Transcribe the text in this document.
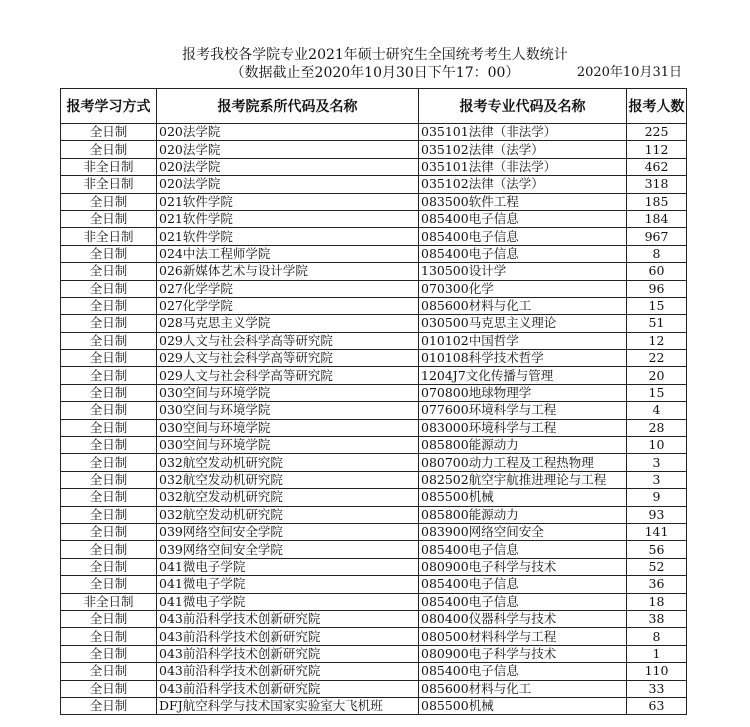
报考我校各学院专业2021年硕士研究生全国统考考生人数统计
（数据截止至2020年10月30日下午17：00）	2020年10月31日
报考学习方式	报考院系所代码及名称	报考专业代码及名称	报考人数
全日制	020法学院	035101法律（非法学）	225
全日制	020法学院	035102法律（法学）	112
非全日制	020法学院	035101法律（非法学）	462
非全日制	020法学院	035102法律（法学）	318
全日制	021软件学院	083500软件工程	185
全日制	021软件学院	085400电子信息	184
非全日制	021软件学院	085400电子信息	967
全日制	024中法工程师学院	085400电子信息	8
全日制	026新媒体艺术与设计学院	130500设计学	60
全日制	027化学学院	070300化学	96
全日制	027化学学院	085600材料与化工	15
全日制	028马克思主义学院	030500马克思主义理论	51
全日制	029人文与社会科学高等研究院	010102中国哲学	12
全日制	029人文与社会科学高等研究院	010108科学技术哲学	22
全日制	029人文与社会科学高等研究院	1204J7文化传播与管理	20
全日制	030空间与环境学院	070800地球物理学	15
全日制	030空间与环境学院	077600环境科学与工程	4
全日制	030空间与环境学院	083000环境科学与工程	28
全日制	030空间与环境学院	085800能源动力	10
全日制	032航空发动机研究院	080700动力工程及工程热物理	3
全日制	032航空发动机研究院	082502航空宇航推进理论与工程	3
全日制	032航空发动机研究院	085500机械	9
全日制	032航空发动机研究院	085800能源动力	93
全日制	039网络空间安全学院	083900网络空间安全	141
全日制	039网络空间安全学院	085400电子信息	56
全日制	041微电子学院	080900电子科学与技术	52
全日制	041微电子学院	085400电子信息	36
非全日制	041微电子学院	085400电子信息	18
全日制	043前沿科学技术创新研究院	080400仪器科学与技术	38
全日制	043前沿科学技术创新研究院	080500材料科学与工程	8
全日制	043前沿科学技术创新研究院	080900电子科学与技术	1
全日制	043前沿科学技术创新研究院	085400电子信息	110
全日制	043前沿科学技术创新研究院	085600材料与化工	33
全日制	DFJ航空科学与技术国家实验室大飞机班	085500机械	63
